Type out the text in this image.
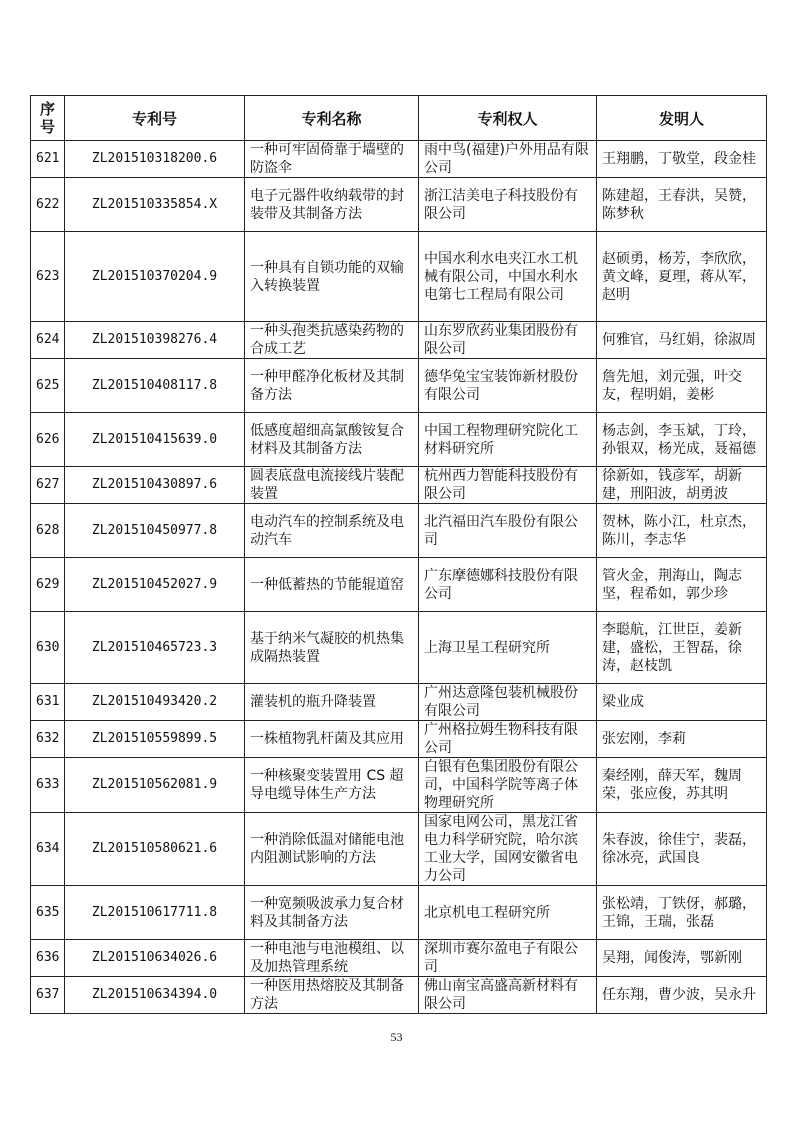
序号	专利号	专利名称	专利权人	发明人
621	ZL201510318200.6	一种可牢固倚靠于墙壁的防盗伞	雨中鸟(福建)户外用品有限公司	王翔鹏，丁敬堂，段金桂
622	ZL201510335854.X	电子元器件收纳载带的封装带及其制备方法	浙江洁美电子科技股份有限公司	陈建超，王春洪，吴赞，陈梦秋
623	ZL201510370204.9	一种具有自锁功能的双输入转换装置	中国水利水电夹江水工机械有限公司，中国水利水电第七工程局有限公司	赵硕勇，杨芳，李欣欣，黄文峰，夏理，蒋从军，赵明
624	ZL201510398276.4	一种头孢类抗感染药物的合成工艺	山东罗欣药业集团股份有限公司	何雅官，马红娟，徐淑周
625	ZL201510408117.8	一种甲醛净化板材及其制备方法	德华兔宝宝装饰新材股份有限公司	詹先旭，刘元强，叶交友，程明娟，姜彬
626	ZL201510415639.0	低感度超细高氯酸铵复合材料及其制备方法	中国工程物理研究院化工材料研究所	杨志剑，李玉斌，丁玲，孙银双，杨光成，聂福德
627	ZL201510430897.6	圆表底盘电流接线片装配装置	杭州西力智能科技股份有限公司	徐新如，钱彦军，胡新建，刑阳波，胡勇波
628	ZL201510450977.8	电动汽车的控制系统及电动汽车	北汽福田汽车股份有限公司	贺林，陈小江，杜京杰，陈川，李志华
629	ZL201510452027.9	一种低蓄热的节能辊道窑	广东摩德娜科技股份有限公司	管火金，荆海山，陶志坚，程希如，郭少珍
630	ZL201510465723.3	基于纳米气凝胶的机热集成隔热装置	上海卫星工程研究所	李聪航，江世臣，姜新建，盛松，王智磊，徐涛，赵枝凯
631	ZL201510493420.2	灌装机的瓶升降装置	广州达意隆包装机械股份有限公司	梁业成
632	ZL201510559899.5	一株植物乳杆菌及其应用	广州格拉姆生物科技有限公司	张宏刚，李莉
633	ZL201510562081.9	一种核聚变装置用 CS 超导电缆导体生产方法	白银有色集团股份有限公司，中国科学院等离子体物理研究所	秦经刚，薛天军，魏周荣，张应俊，苏其明
634	ZL201510580621.6	一种消除低温对储能电池内阻测试影响的方法	国家电网公司，黑龙江省电力科学研究院，哈尔滨工业大学，国网安徽省电力公司	朱春波，徐佳宁，裴磊，徐冰亮，武国良
635	ZL201510617711.8	一种宽频吸波承力复合材料及其制备方法	北京机电工程研究所	张松靖，丁铁伢，郝璐，王锦，王瑞，张磊
636	ZL201510634026.6	一种电池与电池模组、以及加热管理系统	深圳市赛尔盈电子有限公司	吴翔，闻俊涛，鄂新刚
637	ZL201510634394.0	一种医用热熔胶及其制备方法	佛山南宝高盛高新材料有限公司	任东翔，曹少波，吴永升
53
